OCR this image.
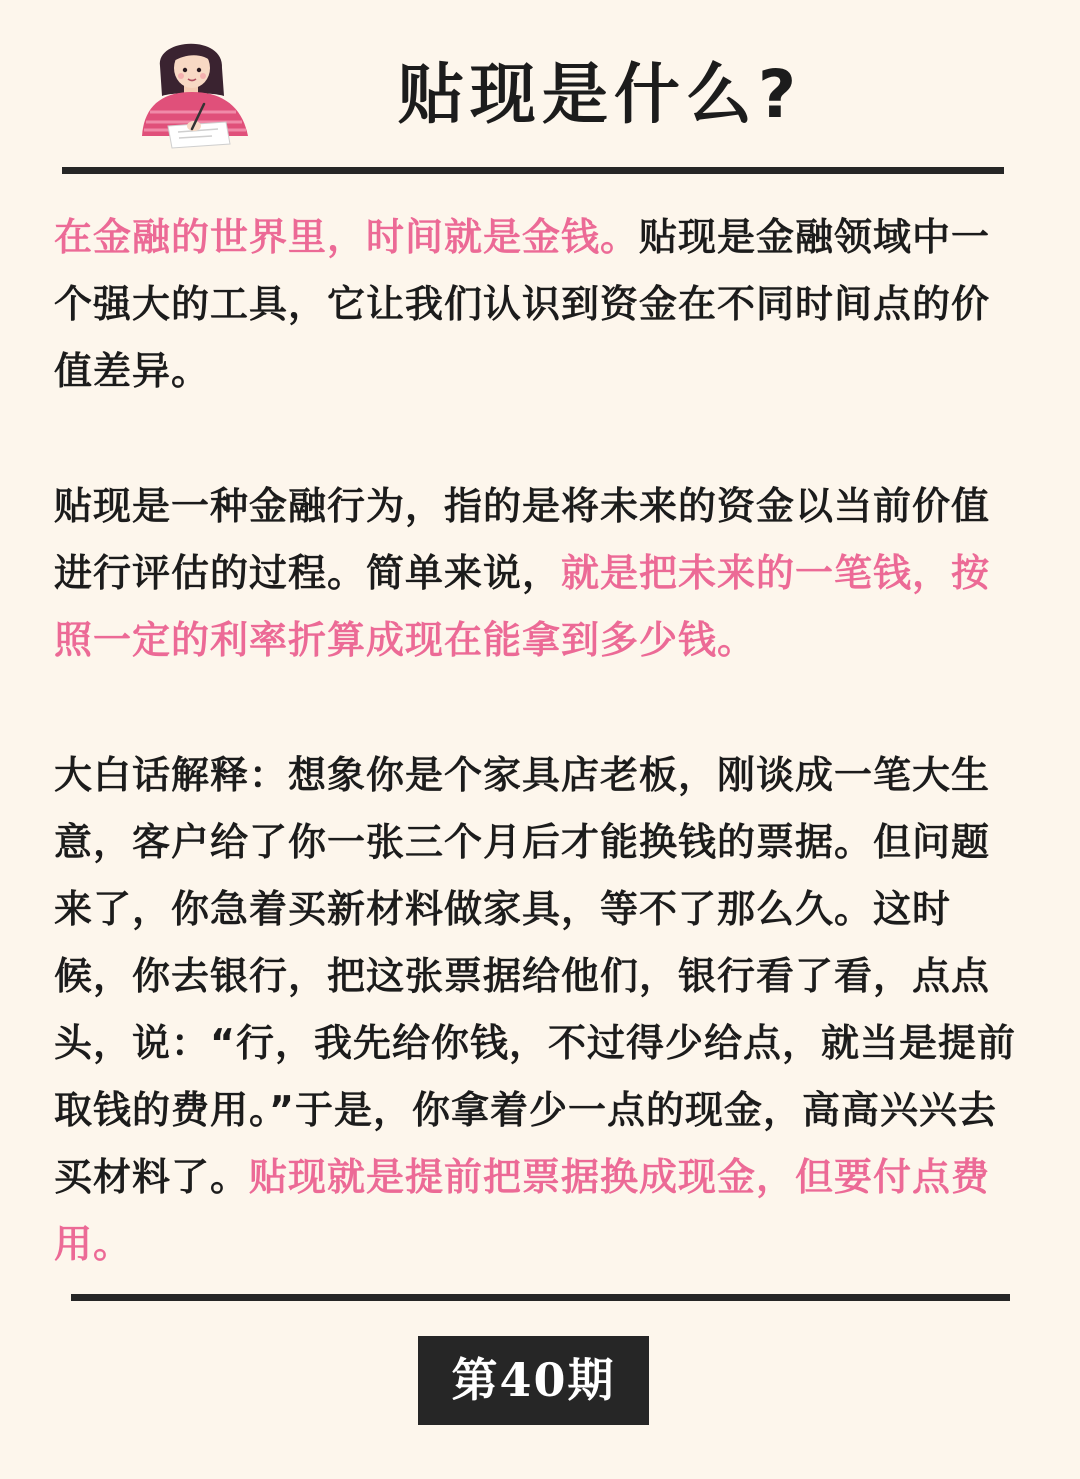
贴现是什么?
在金融的世界里，时间就是金钱。贴现是金融领域中一个强大的工具，它让我们认识到资金在不同时间点的价值差异。
贴现是一种金融行为，指的是将未来的资金以当前价值进行评估的过程。简单来说，就是把未来的一笔钱，按照一定的利率折算成现在能拿到多少钱。
大白话解释：想象你是个家具店老板，刚谈成一笔大生意，客户给了你一张三个月后才能换钱的票据。但问题来了，你急着买新材料做家具，等不了那么久。这时候，你去银行，把这张票据给他们，银行看了看，点点头，说：“行，我先给你钱，不过得少给点，就当是提前取钱的费用。”于是，你拿着少一点的现金，高高兴兴去买材料了。贴现就是提前把票据换成现金，但要付点费用。
第40期
